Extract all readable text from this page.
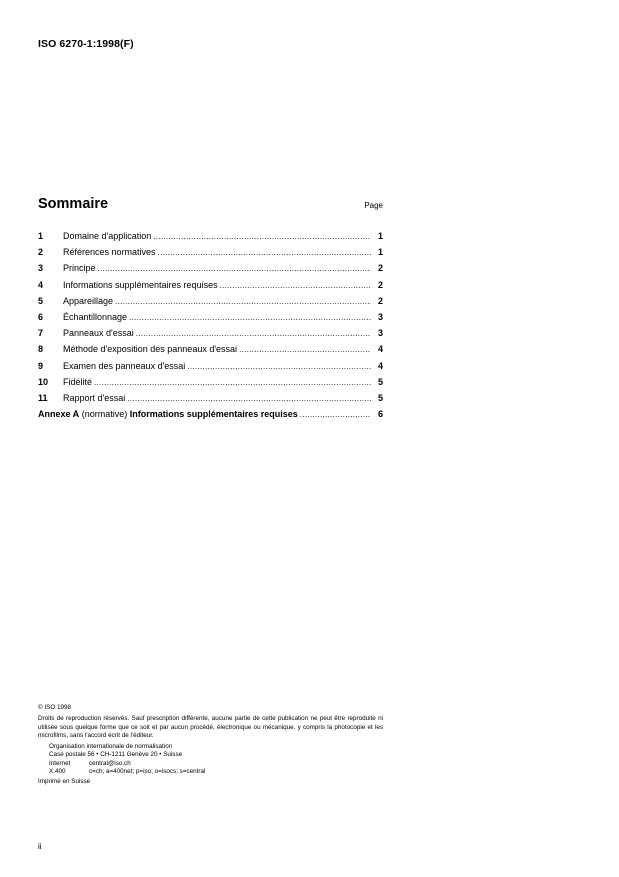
ISO 6270-1:1998(F)
Sommaire	Page
1	Domaine d'application .....	1
2	Références normatives .....	1
3	Principe .....	2
4	Informations supplémentaires requises .....	2
5	Appareillage .....	2
6	Échantillonnage .....	3
7	Panneaux d'essai .....	3
8	Méthode d'exposition des panneaux d'essai .....	4
9	Examen des panneaux d'essai .....	4
10	Fidélité .....	5
11	Rapport d'essai .....	5
Annexe A (normative) Informations supplémentaires requises .....	6

© ISO 1998

Droits de reproduction réservés. Sauf prescription différente, aucune partie de cette publication ne peut être reproduite ni utilisée sous quelque forme que ce soit et par aucun procédé, électronique ou mécanique, y compris la photocopie et les microfilms, sans l'accord écrit de l'éditeur.

Organisation internationale de normalisation
Case postale 56 • CH-1211 Genève 20 • Suisse
Internet	central@iso.ch
X.400	c=ch; a=400net; p=iso; o=isocs; s=central

Imprimé en Suisse

ii
